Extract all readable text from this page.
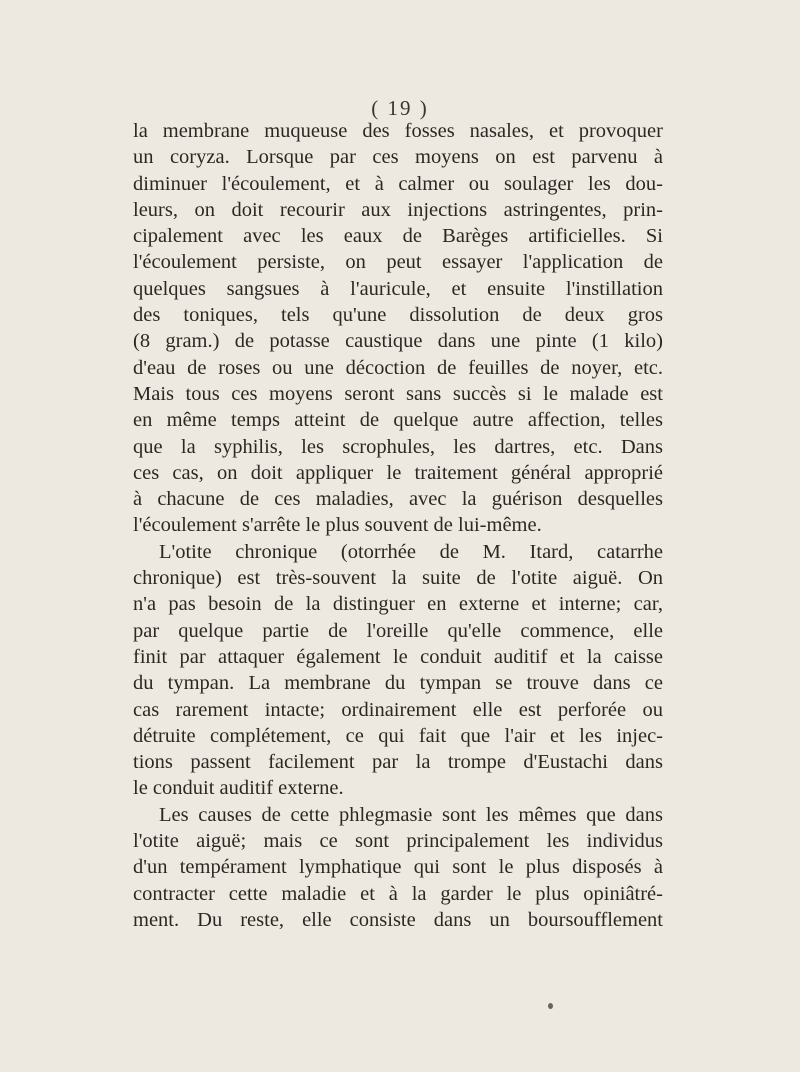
( 19 )
la membrane muqueuse des fosses nasales, et provoquer
un coryza. Lorsque par ces moyens on est parvenu à
diminuer l'écoulement, et à calmer ou soulager les dou-
leurs, on doit recourir aux injections astringentes, prin-
cipalement avec les eaux de Barèges artificielles. Si
l'écoulement persiste, on peut essayer l'application de
quelques sangsues à l'auricule, et ensuite l'instillation
des toniques, tels qu'une dissolution de deux gros
(8 gram.) de potasse caustique dans une pinte (1 kilo)
d'eau de roses ou une décoction de feuilles de noyer, etc.
Mais tous ces moyens seront sans succès si le malade est
en même temps atteint de quelque autre affection, telles
que la syphilis, les scrophules, les dartres, etc. Dans
ces cas, on doit appliquer le traitement général approprié
à chacune de ces maladies, avec la guérison desquelles
l'écoulement s'arrête le plus souvent de lui-même.
L'otite chronique (otorrhée de M. Itard, catarrhe
chronique) est très-souvent la suite de l'otite aiguë. On
n'a pas besoin de la distinguer en externe et interne; car,
par quelque partie de l'oreille qu'elle commence, elle
finit par attaquer également le conduit auditif et la caisse
du tympan. La membrane du tympan se trouve dans ce
cas rarement intacte; ordinairement elle est perforée ou
détruite complétement, ce qui fait que l'air et les injec-
tions passent facilement par la trompe d'Eustachi dans
le conduit auditif externe.
Les causes de cette phlegmasie sont les mêmes que dans
l'otite aiguë; mais ce sont principalement les individus
d'un tempérament lymphatique qui sont le plus disposés à
contracter cette maladie et à la garder le plus opiniâtré-
ment. Du reste, elle consiste dans un boursoufflement
